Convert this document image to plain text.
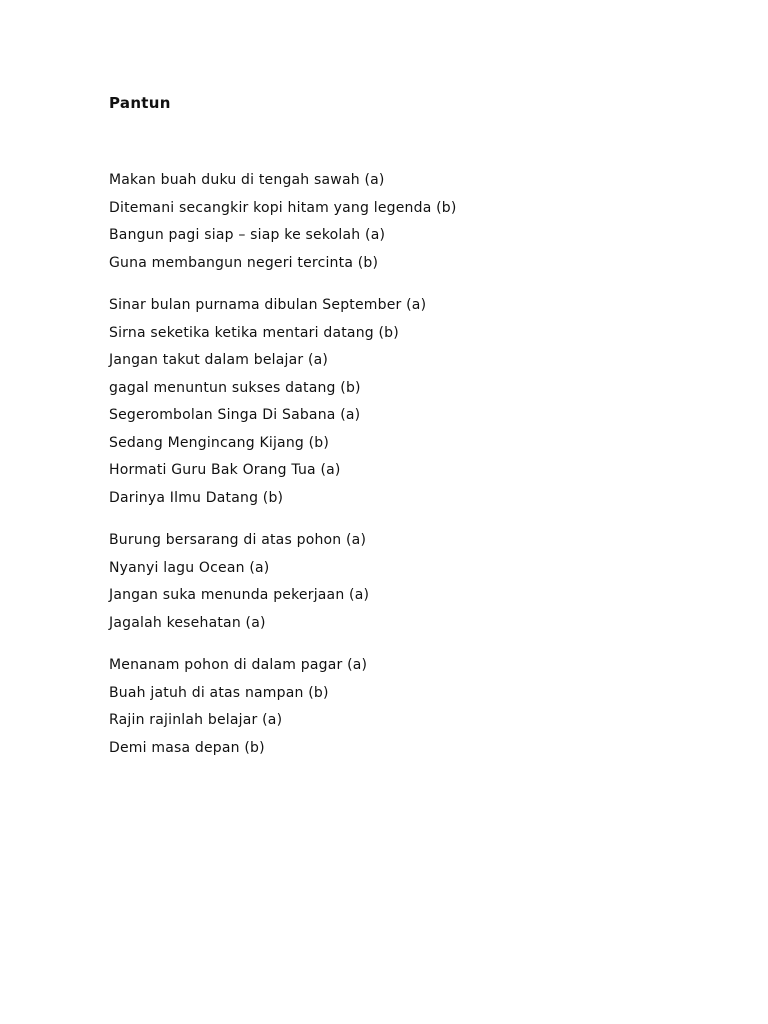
Pantun
Makan buah duku di tengah sawah (a)
Ditemani secangkir kopi hitam yang legenda (b)
Bangun pagi siap – siap ke sekolah (a)
Guna membangun negeri tercinta (b)
Sinar bulan purnama dibulan September (a)
Sirna seketika ketika mentari datang (b)
Jangan takut dalam belajar (a)
gagal menuntun sukses datang (b)
Segerombolan Singa Di Sabana (a)
Sedang Mengincang Kijang (b)
Hormati Guru Bak Orang Tua (a)
Darinya Ilmu Datang (b)
Burung bersarang di atas pohon (a)
Nyanyi lagu Ocean (a)
Jangan suka menunda pekerjaan (a)
Jagalah kesehatan (a)
Menanam pohon di dalam pagar (a)
Buah jatuh di atas nampan (b)
Rajin rajinlah belajar (a)
Demi masa depan (b)
